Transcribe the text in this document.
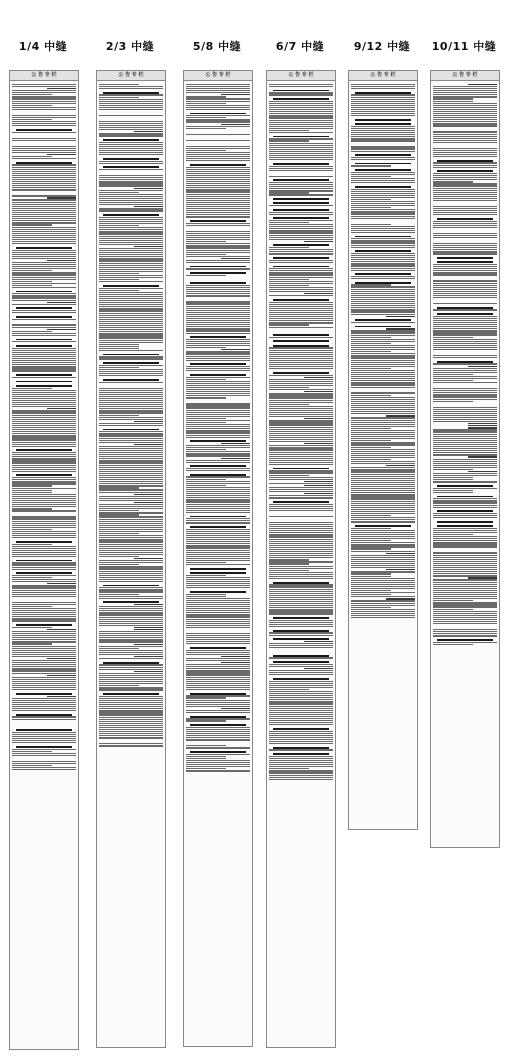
1/4 中缝
公 告 专 栏
2/3 中缝
公 告 专 栏
5/8 中缝
公 告 专 栏
6/7 中缝
公 告 专 栏
9/12 中缝
公 告 专 栏
10/11 中缝
公 告 专 栏
